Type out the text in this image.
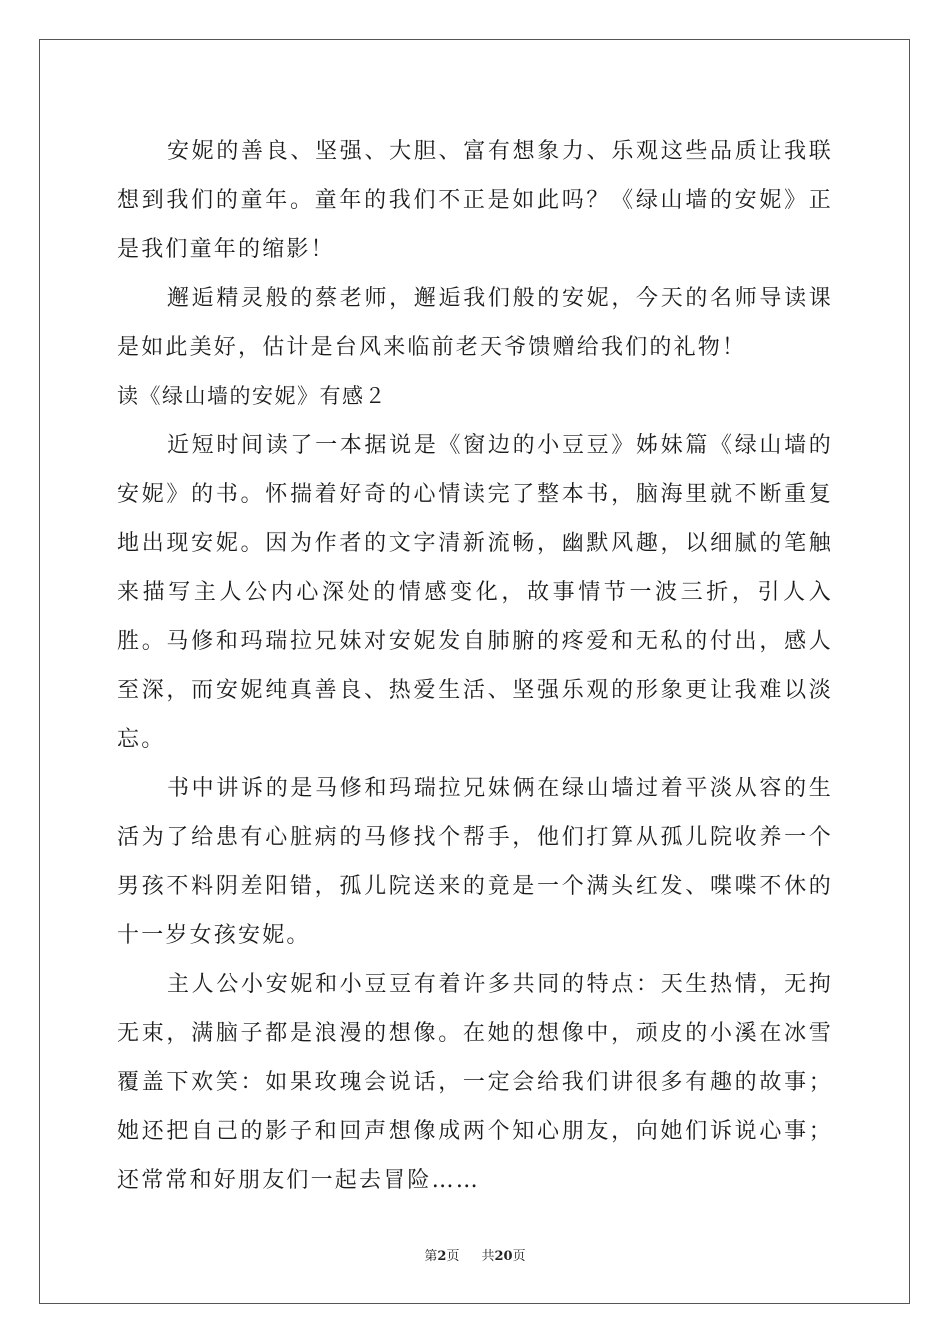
安妮的善良、坚强、大胆、富有想象力、乐观这些品质让我联想到我们的童年。童年的我们不正是如此吗？《绿山墙的安妮》正是我们童年的缩影！

邂逅精灵般的蔡老师，邂逅我们般的安妮，今天的名师导读课是如此美好，估计是台风来临前老天爷馈赠给我们的礼物！

读《绿山墙的安妮》有感２

近短时间读了一本据说是《窗边的小豆豆》姊妹篇《绿山墙的安妮》的书。怀揣着好奇的心情读完了整本书，脑海里就不断重复地出现安妮。因为作者的文字清新流畅，幽默风趣，以细腻的笔触来描写主人公内心深处的情感变化，故事情节一波三折，引人入胜。马修和玛瑞拉兄妹对安妮发自肺腑的疼爱和无私的付出，感人至深，而安妮纯真善良、热爱生活、坚强乐观的形象更让我难以淡忘。

书中讲诉的是马修和玛瑞拉兄妹俩在绿山墙过着平淡从容的生活为了给患有心脏病的马修找个帮手，他们打算从孤儿院收养一个男孩不料阴差阳错，孤儿院送来的竟是一个满头红发、喋喋不休的十一岁女孩安妮。

主人公小安妮和小豆豆有着许多共同的特点：天生热情，无拘无束，满脑子都是浪漫的想像。在她的想像中，顽皮的小溪在冰雪覆盖下欢笑：如果玫瑰会说话，一定会给我们讲很多有趣的故事；她还把自己的影子和回声想像成两个知心朋友，向她们诉说心事；还常常和好朋友们一起去冒险……

第2页 共20页
